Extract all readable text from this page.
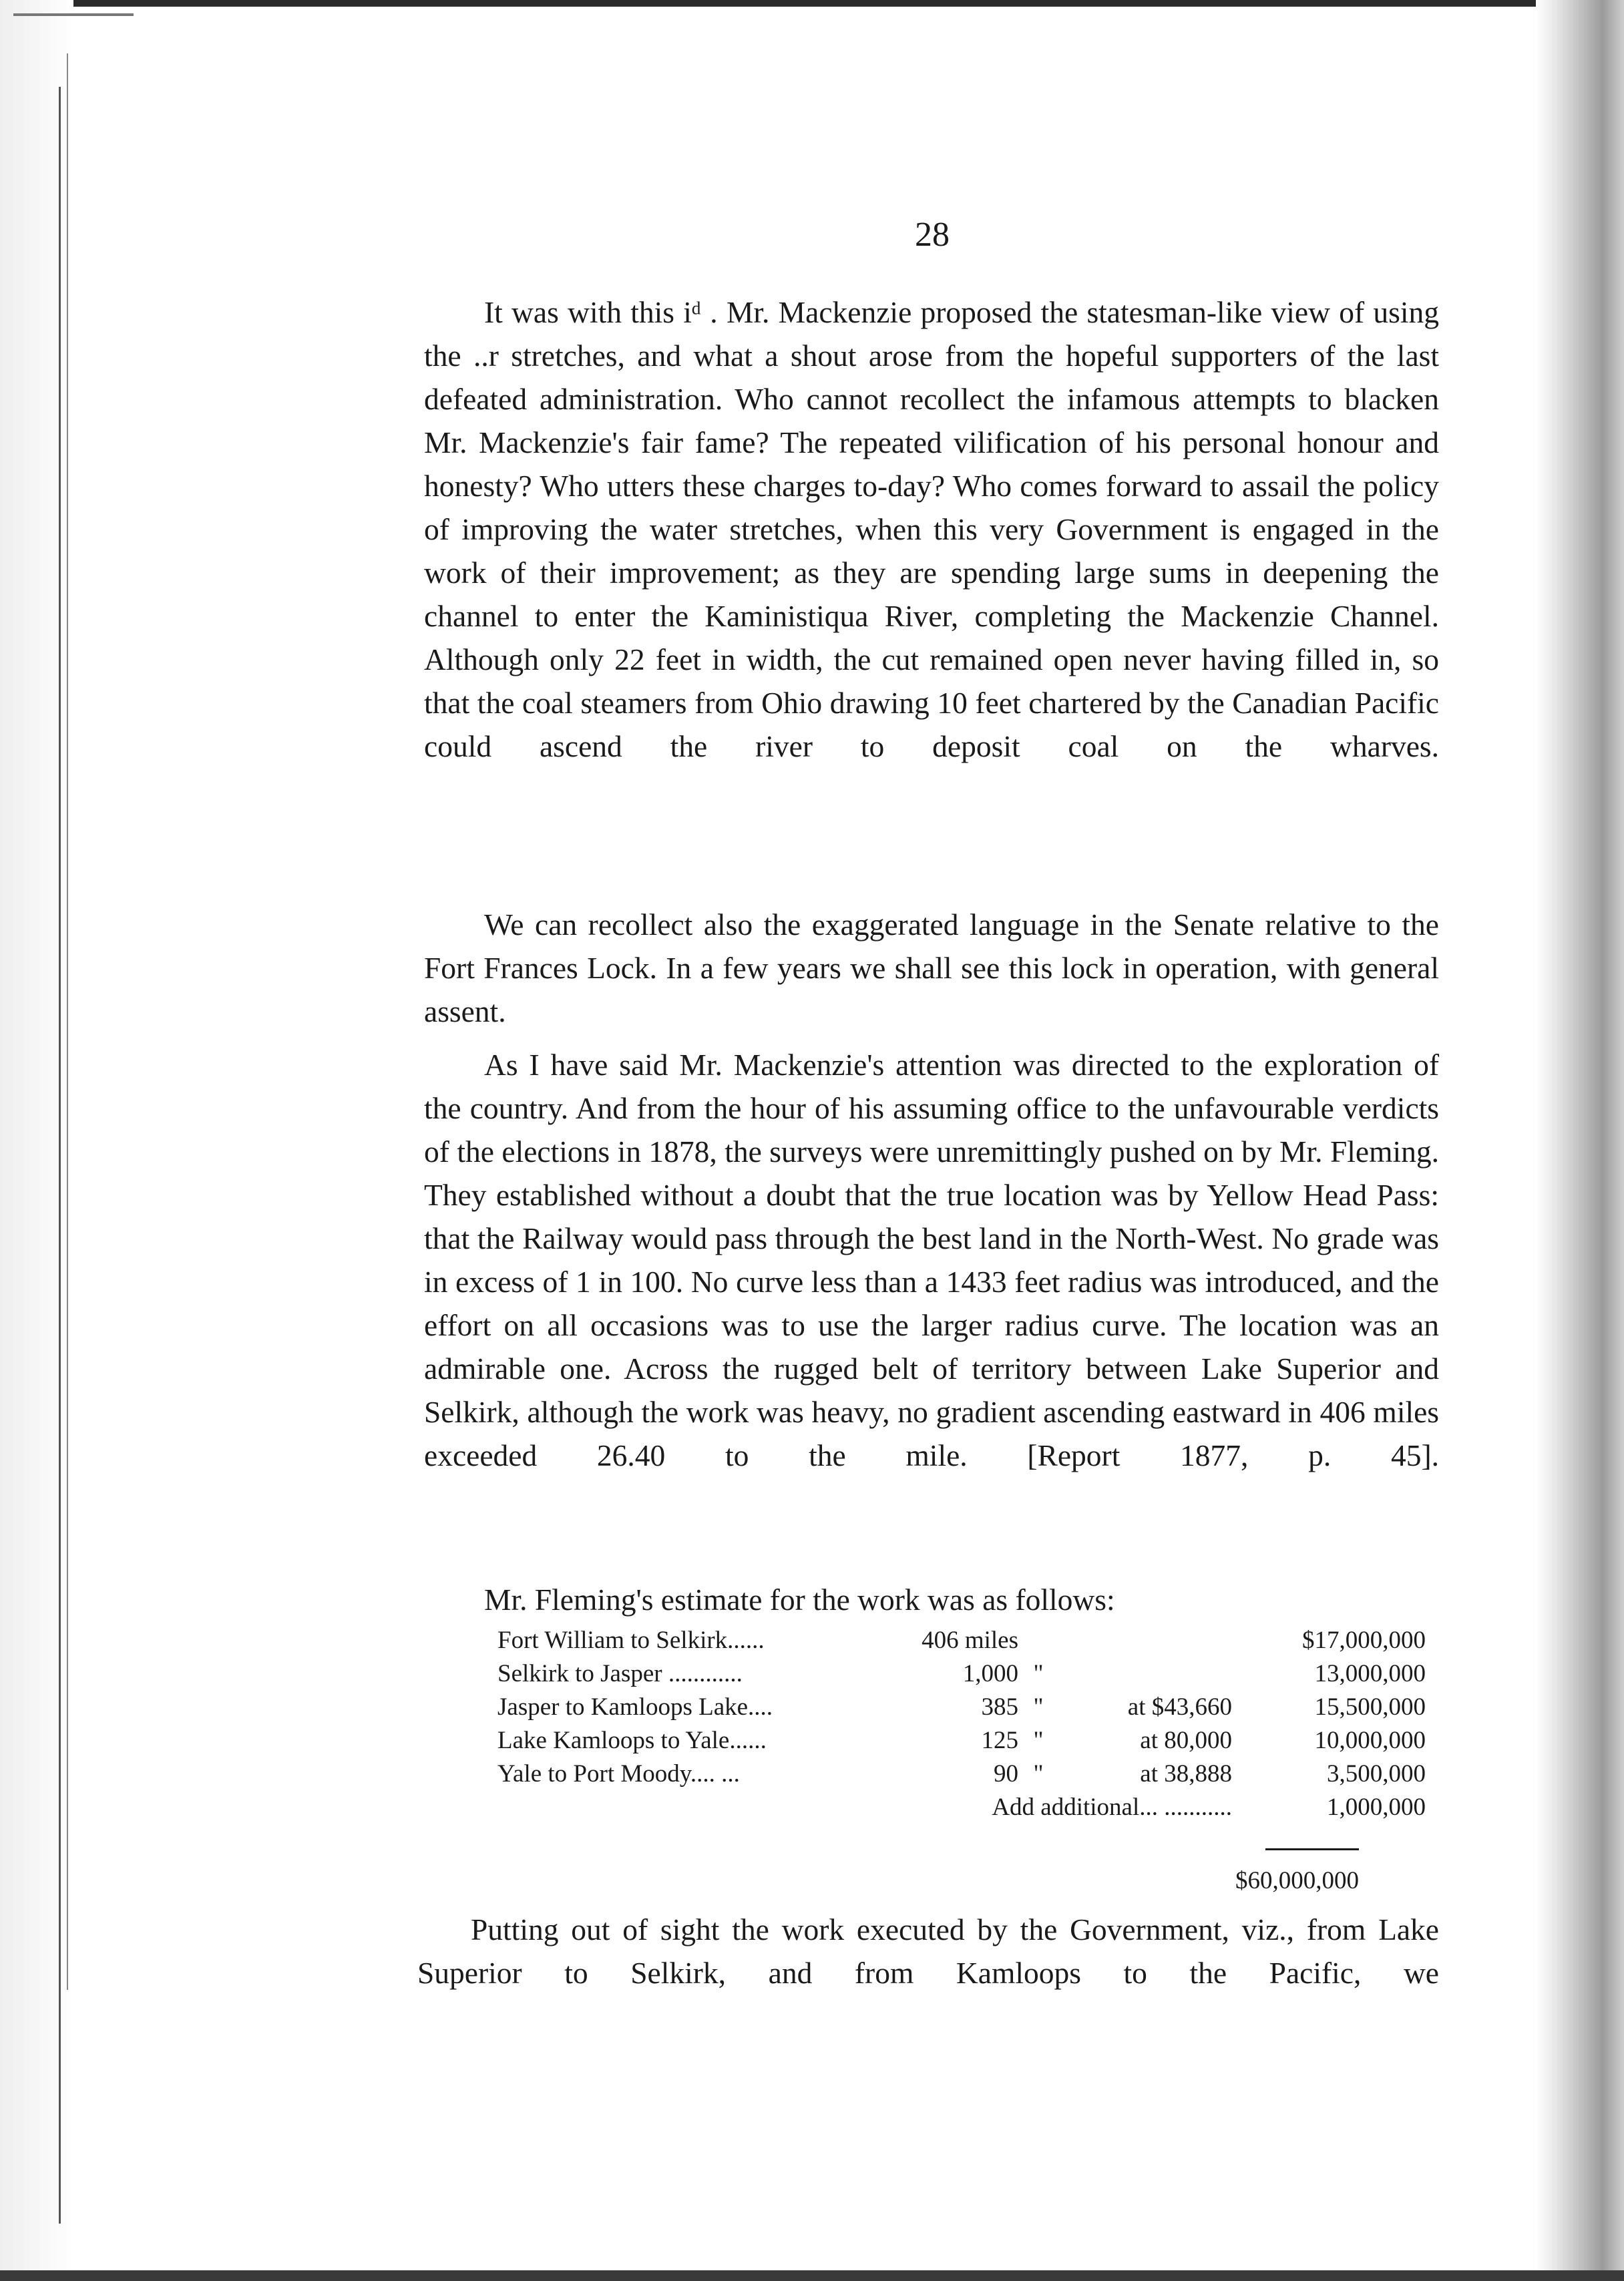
28

It was with this iᵈ . Mr. Mackenzie proposed the statesman-like view of using the ..r stretches, and what a shout arose from the hopeful supporters of the last defeated administration. Who cannot recollect the infamous attempts to blacken Mr. Mackenzie's fair fame? The repeated vilification of his personal honour and honesty? Who utters these charges to-day? Who comes forward to assail the policy of improving the water stretches, when this very Government is engaged in the work of their improvement; as they are spending large sums in deepening the channel to enter the Kaministiqua River, completing the Mackenzie Channel. Although only 22 feet in width, the cut remained open never having filled in, so that the coal steamers from Ohio drawing 10 feet chartered by the Canadian Pacific could ascend the river to deposit coal on the wharves.

We can recollect also the exaggerated language in the Senate relative to the Fort Frances Lock. In a few years we shall see this lock in operation, with general assent.

As I have said Mr. Mackenzie's attention was directed to the exploration of the country. And from the hour of his assuming office to the unfavourable verdicts of the elections in 1878, the surveys were unremittingly pushed on by Mr. Fleming. They established without a doubt that the true location was by Yellow Head Pass: that the Railway would pass through the best land in the North-West. No grade was in excess of 1 in 100. No curve less than a 1433 feet radius was introduced, and the effort on all occasions was to use the larger radius curve. The location was an admirable one. Across the rugged belt of territory between Lake Superior and Selkirk, although the work was heavy, no gradient ascending eastward in 406 miles exceeded 26.40 to the mile. [Report 1877, p. 45].

Mr. Fleming's estimate for the work was as follows:

Fort William to Selkirk......	406 miles			$17,000,000
Selkirk to Jasper ............	1,000	"		13,000,000
Jasper to Kamloops Lake....	385	"	at $43,660	15,500,000
Lake Kamloops to Yale......	125	"	at 80,000	10,000,000
Yale to Port Moody.... ...	90	"	at 38,888	3,500,000
Add additional... ...........				1,000,000
$60,000,000

Putting out of sight the work executed by the Government, viz., from Lake Superior to Selkirk, and from Kamloops to the Pacific, we
